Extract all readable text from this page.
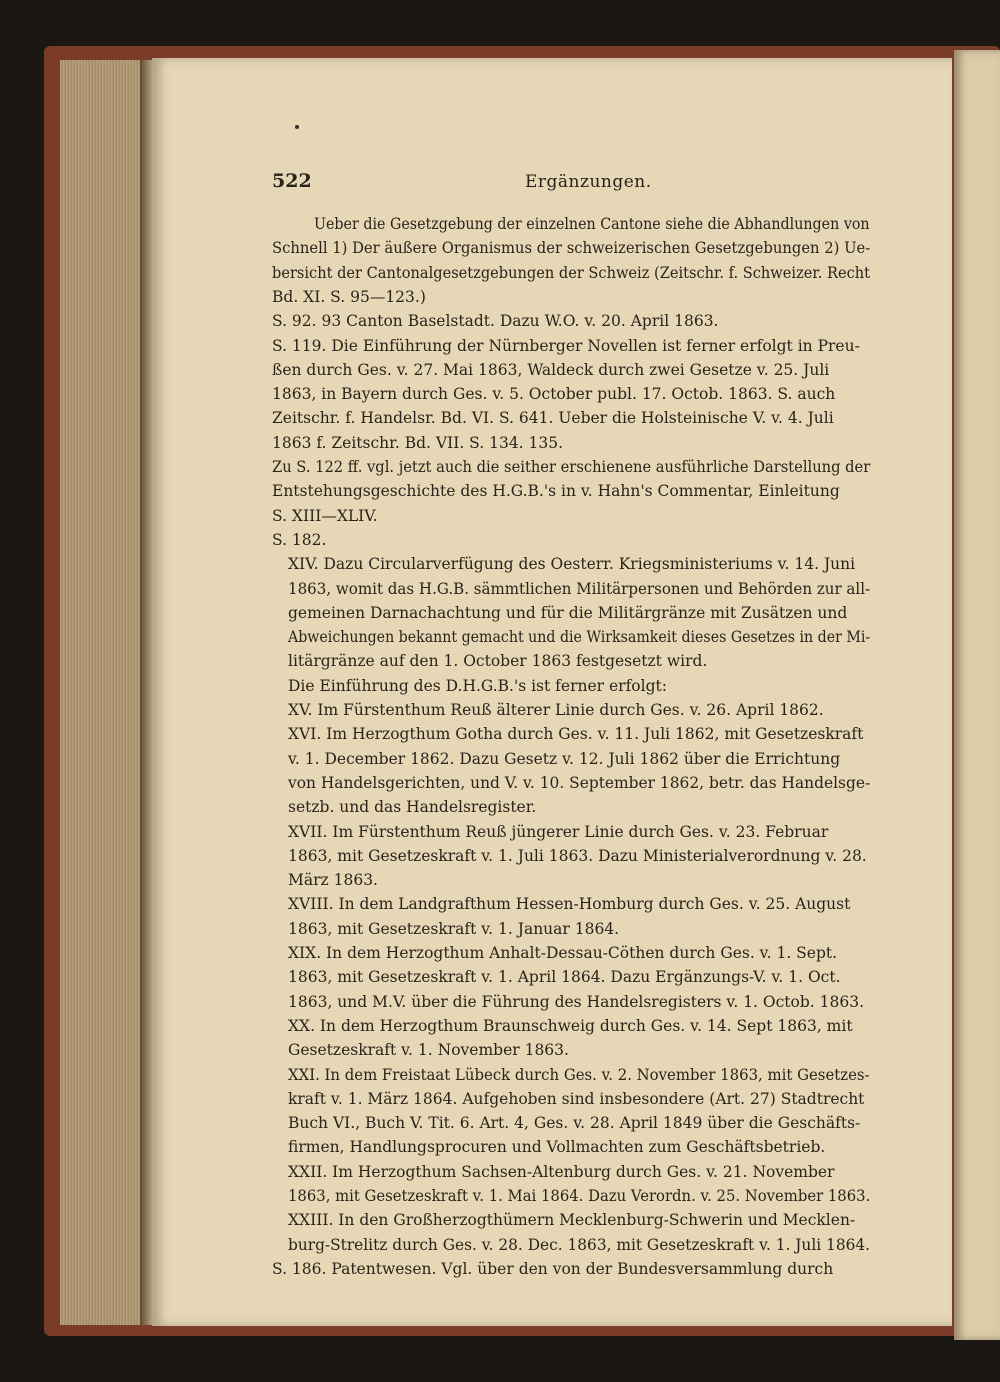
522	Ergänzungen.
Ueber die Gesetzgebung der einzelnen Cantone siehe die Abhandlungen von
Schnell 1) Der äußere Organismus der schweizerischen Gesetzgebungen 2) Ue-
bersicht der Cantonalgesetzgebungen der Schweiz (Zeitschr. f. Schweizer. Recht
Bd. XI. S. 95—123.)
S. 92. 93 Canton Baselstadt. Dazu W.O. v. 20. April 1863.
S. 119. Die Einführung der Nürnberger Novellen ist ferner erfolgt in Preu-
ßen durch Ges. v. 27. Mai 1863, Waldeck durch zwei Gesetze v. 25. Juli
1863, in Bayern durch Ges. v. 5. October publ. 17. Octob. 1863. S. auch
Zeitschr. f. Handelsr. Bd. VI. S. 641. Ueber die Holsteinische V. v. 4. Juli
1863 f. Zeitschr. Bd. VII. S. 134. 135.
Zu S. 122 ff. vgl. jetzt auch die seither erschienene ausführliche Darstellung der
Entstehungsgeschichte des H.G.B.'s in v. Hahn's Commentar, Einleitung
S. XIII—XLIV.
S. 182.
XIV. Dazu Circularverfügung des Oesterr. Kriegsministeriums v. 14. Juni
1863, womit das H.G.B. sämmtlichen Militärpersonen und Behörden zur all-
gemeinen Darnachachtung und für die Militärgränze mit Zusätzen und
Abweichungen bekannt gemacht und die Wirksamkeit dieses Gesetzes in der Mi-
litärgränze auf den 1. October 1863 festgesetzt wird.
Die Einführung des D.H.G.B.'s ist ferner erfolgt:
XV. Im Fürstenthum Reuß älterer Linie durch Ges. v. 26. April 1862.
XVI. Im Herzogthum Gotha durch Ges. v. 11. Juli 1862, mit Gesetzeskraft
v. 1. December 1862. Dazu Gesetz v. 12. Juli 1862 über die Errichtung
von Handelsgerichten, und V. v. 10. September 1862, betr. das Handelsge-
setzb. und das Handelsregister.
XVII. Im Fürstenthum Reuß jüngerer Linie durch Ges. v. 23. Februar
1863, mit Gesetzeskraft v. 1. Juli 1863. Dazu Ministerialverordnung v. 28.
März 1863.
XVIII. In dem Landgrafthum Hessen-Homburg durch Ges. v. 25. August
1863, mit Gesetzeskraft v. 1. Januar 1864.
XIX. In dem Herzogthum Anhalt-Dessau-Cöthen durch Ges. v. 1. Sept.
1863, mit Gesetzeskraft v. 1. April 1864. Dazu Ergänzungs-V. v. 1. Oct.
1863, und M.V. über die Führung des Handelsregisters v. 1. Octob. 1863.
XX. In dem Herzogthum Braunschweig durch Ges. v. 14. Sept 1863, mit
Gesetzeskraft v. 1. November 1863.
XXI. In dem Freistaat Lübeck durch Ges. v. 2. November 1863, mit Gesetzes-
kraft v. 1. März 1864. Aufgehoben sind insbesondere (Art. 27) Stadtrecht
Buch VI., Buch V. Tit. 6. Art. 4, Ges. v. 28. April 1849 über die Geschäfts-
firmen, Handlungsprocuren und Vollmachten zum Geschäftsbetrieb.
XXII. Im Herzogthum Sachsen-Altenburg durch Ges. v. 21. November
1863, mit Gesetzeskraft v. 1. Mai 1864. Dazu Verordn. v. 25. November 1863.
XXIII. In den Großherzogthümern Mecklenburg-Schwerin und Mecklen-
burg-Strelitz durch Ges. v. 28. Dec. 1863, mit Gesetzeskraft v. 1. Juli 1864.
S. 186. Patentwesen. Vgl. über den von der Bundesversammlung durch
